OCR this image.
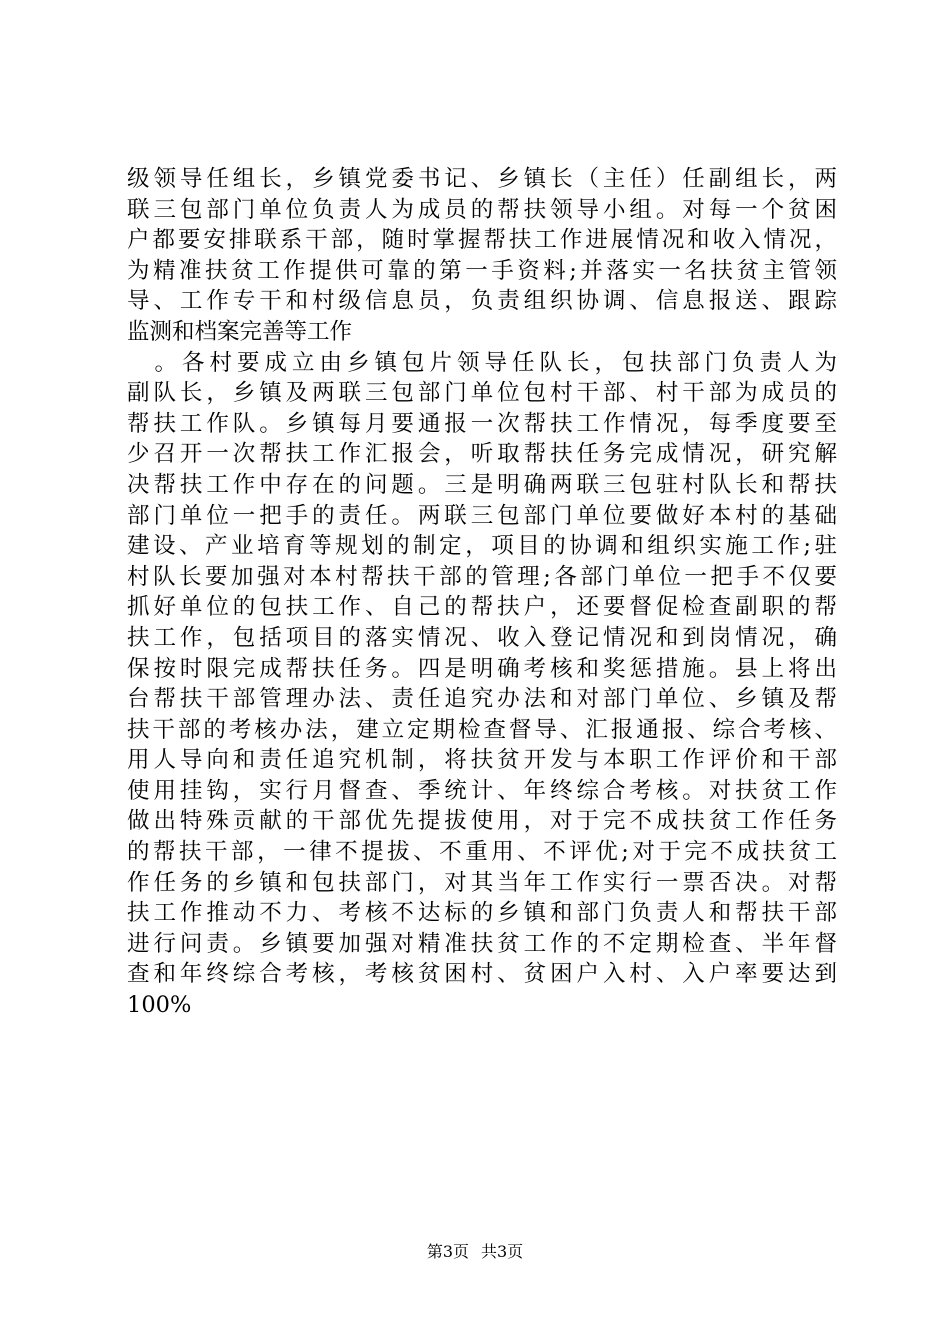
级领导任组长，乡镇党委书记、乡镇长（主任）任副组长，两
联三包部门单位负责人为成员的帮扶领导小组。对每一个贫困
户都要安排联系干部，随时掌握帮扶工作进展情况和收入情况，
为精准扶贫工作提供可靠的第一手资料;并落实一名扶贫主管领
导、工作专干和村级信息员，负责组织协调、信息报送、跟踪
监测和档案完善等工作
　。各村要成立由乡镇包片领导任队长，包扶部门负责人为
副队长，乡镇及两联三包部门单位包村干部、村干部为成员的
帮扶工作队。乡镇每月要通报一次帮扶工作情况，每季度要至
少召开一次帮扶工作汇报会，听取帮扶任务完成情况，研究解
决帮扶工作中存在的问题。三是明确两联三包驻村队长和帮扶
部门单位一把手的责任。两联三包部门单位要做好本村的基础
建设、产业培育等规划的制定，项目的协调和组织实施工作;驻
村队长要加强对本村帮扶干部的管理;各部门单位一把手不仅要
抓好单位的包扶工作、自己的帮扶户，还要督促检查副职的帮
扶工作，包括项目的落实情况、收入登记情况和到岗情况，确
保按时限完成帮扶任务。四是明确考核和奖惩措施。县上将出
台帮扶干部管理办法、责任追究办法和对部门单位、乡镇及帮
扶干部的考核办法，建立定期检查督导、汇报通报、综合考核、
用人导向和责任追究机制，将扶贫开发与本职工作评价和干部
使用挂钩，实行月督查、季统计、年终综合考核。对扶贫工作
做出特殊贡献的干部优先提拔使用，对于完不成扶贫工作任务
的帮扶干部，一律不提拔、不重用、不评优;对于完不成扶贫工
作任务的乡镇和包扶部门，对其当年工作实行一票否决。对帮
扶工作推动不力、考核不达标的乡镇和部门负责人和帮扶干部
进行问责。乡镇要加强对精准扶贫工作的不定期检查、半年督
查和年终综合考核，考核贫困村、贫困户入村、入户率要达到
100%
第3页 共3页
